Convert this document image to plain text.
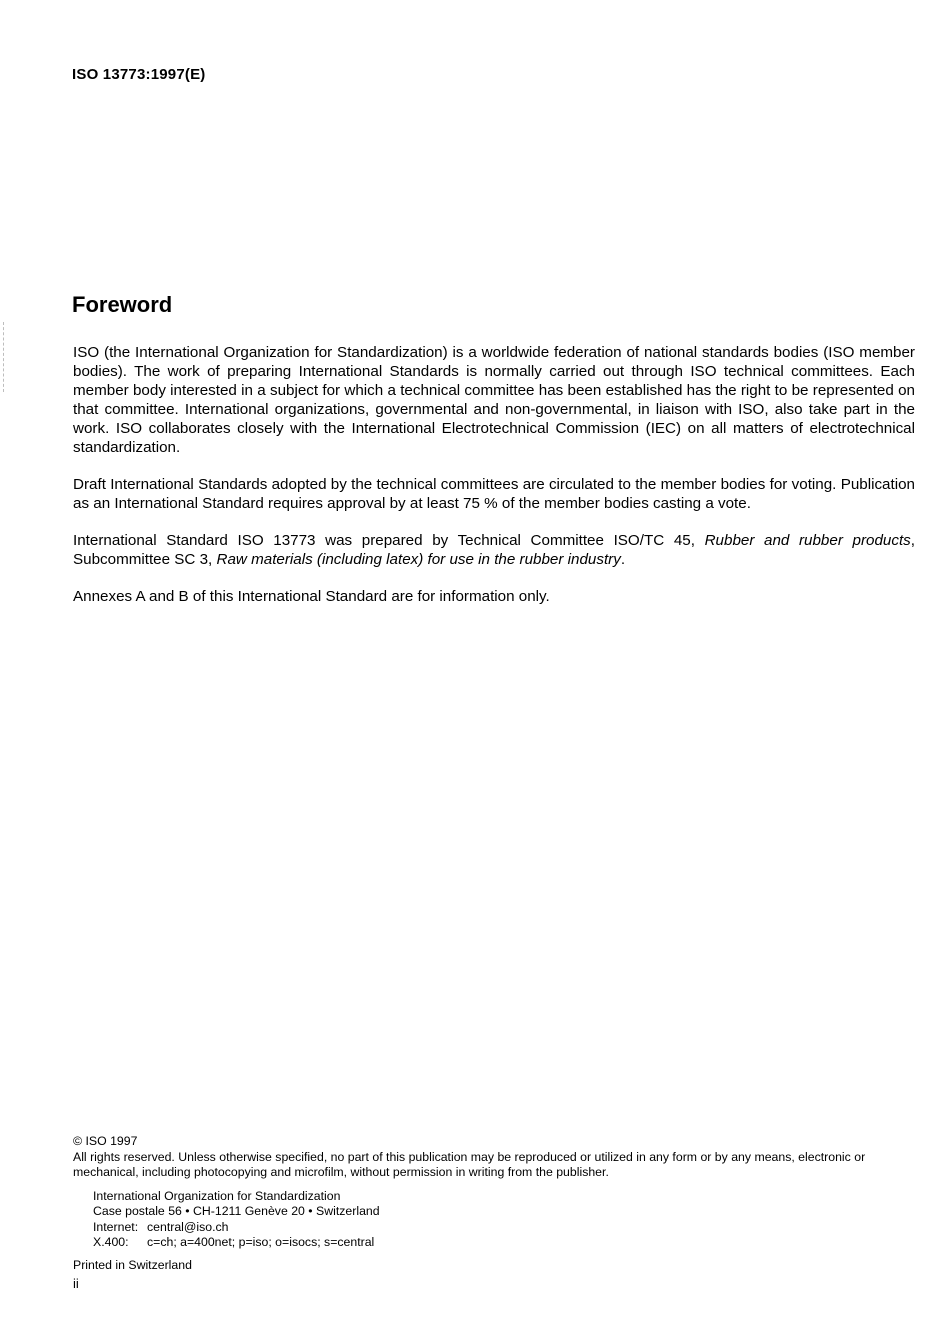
ISO 13773:1997(E)
Foreword

ISO (the International Organization for Standardization) is a worldwide federation of national standards bodies (ISO member bodies). The work of preparing International Standards is normally carried out through ISO technical committees. Each member body interested in a subject for which a technical committee has been established has the right to be represented on that committee. International organizations, governmental and non-governmental, in liaison with ISO, also take part in the work. ISO collaborates closely with the International Electrotechnical Commission (IEC) on all matters of electrotechnical standardization.

Draft International Standards adopted by the technical committees are circulated to the member bodies for voting. Publication as an International Standard requires approval by at least 75 % of the member bodies casting a vote.

International Standard ISO 13773 was prepared by Technical Committee ISO/TC 45, Rubber and rubber products, Subcommittee SC 3, Raw materials (including latex) for use in the rubber industry.

Annexes A and B of this International Standard are for information only.

© ISO 1997

All rights reserved. Unless otherwise specified, no part of this publication may be reproduced or utilized in any form or by any means, electronic or mechanical, including photocopying and microfilm, without permission in writing from the publisher.

International Organization for Standardization
Case postale 56 • CH-1211 Genève 20 • Switzerland
Internet: central@iso.ch
X.400: c=ch; a=400net; p=iso; o=isocs; s=central
Printed in Switzerland
ii
